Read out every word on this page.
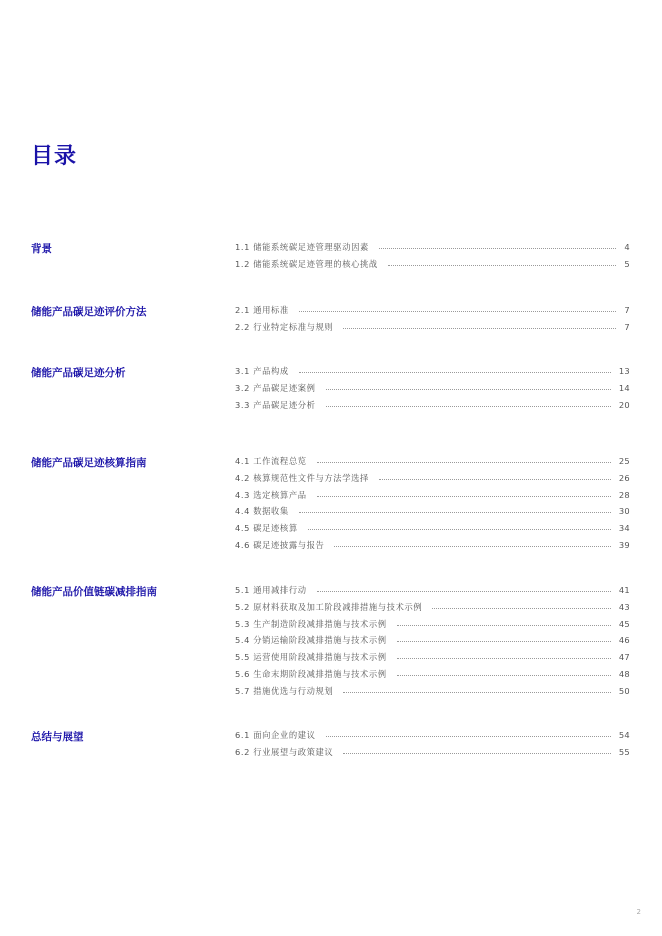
目录
背景	1.1 储能系统碳足迹管理驱动因素	4
1.2 储能系统碳足迹管理的核心挑战	5
储能产品碳足迹评价方法	2.1 通用标准	7
2.2 行业特定标准与规则	7
储能产品碳足迹分析	3.1 产品构成	13
3.2 产品碳足迹案例	14
3.3 产品碳足迹分析	20
储能产品碳足迹核算指南	4.1 工作流程总览	25
4.2 核算规范性文件与方法学选择	26
4.3 选定核算产品	28
4.4 数据收集	30
4.5 碳足迹核算	34
4.6 碳足迹披露与报告	39
储能产品价值链碳减排指南	5.1 通用减排行动	41
5.2 原材料获取及加工阶段减排措施与技术示例	43
5.3 生产制造阶段减排措施与技术示例	45
5.4 分销运输阶段减排措施与技术示例	46
5.5 运营使用阶段减排措施与技术示例	47
5.6 生命末期阶段减排措施与技术示例	48
5.7 措施优选与行动规划	50
总结与展望	6.1 面向企业的建议	54
6.2 行业展望与政策建议	55
2
